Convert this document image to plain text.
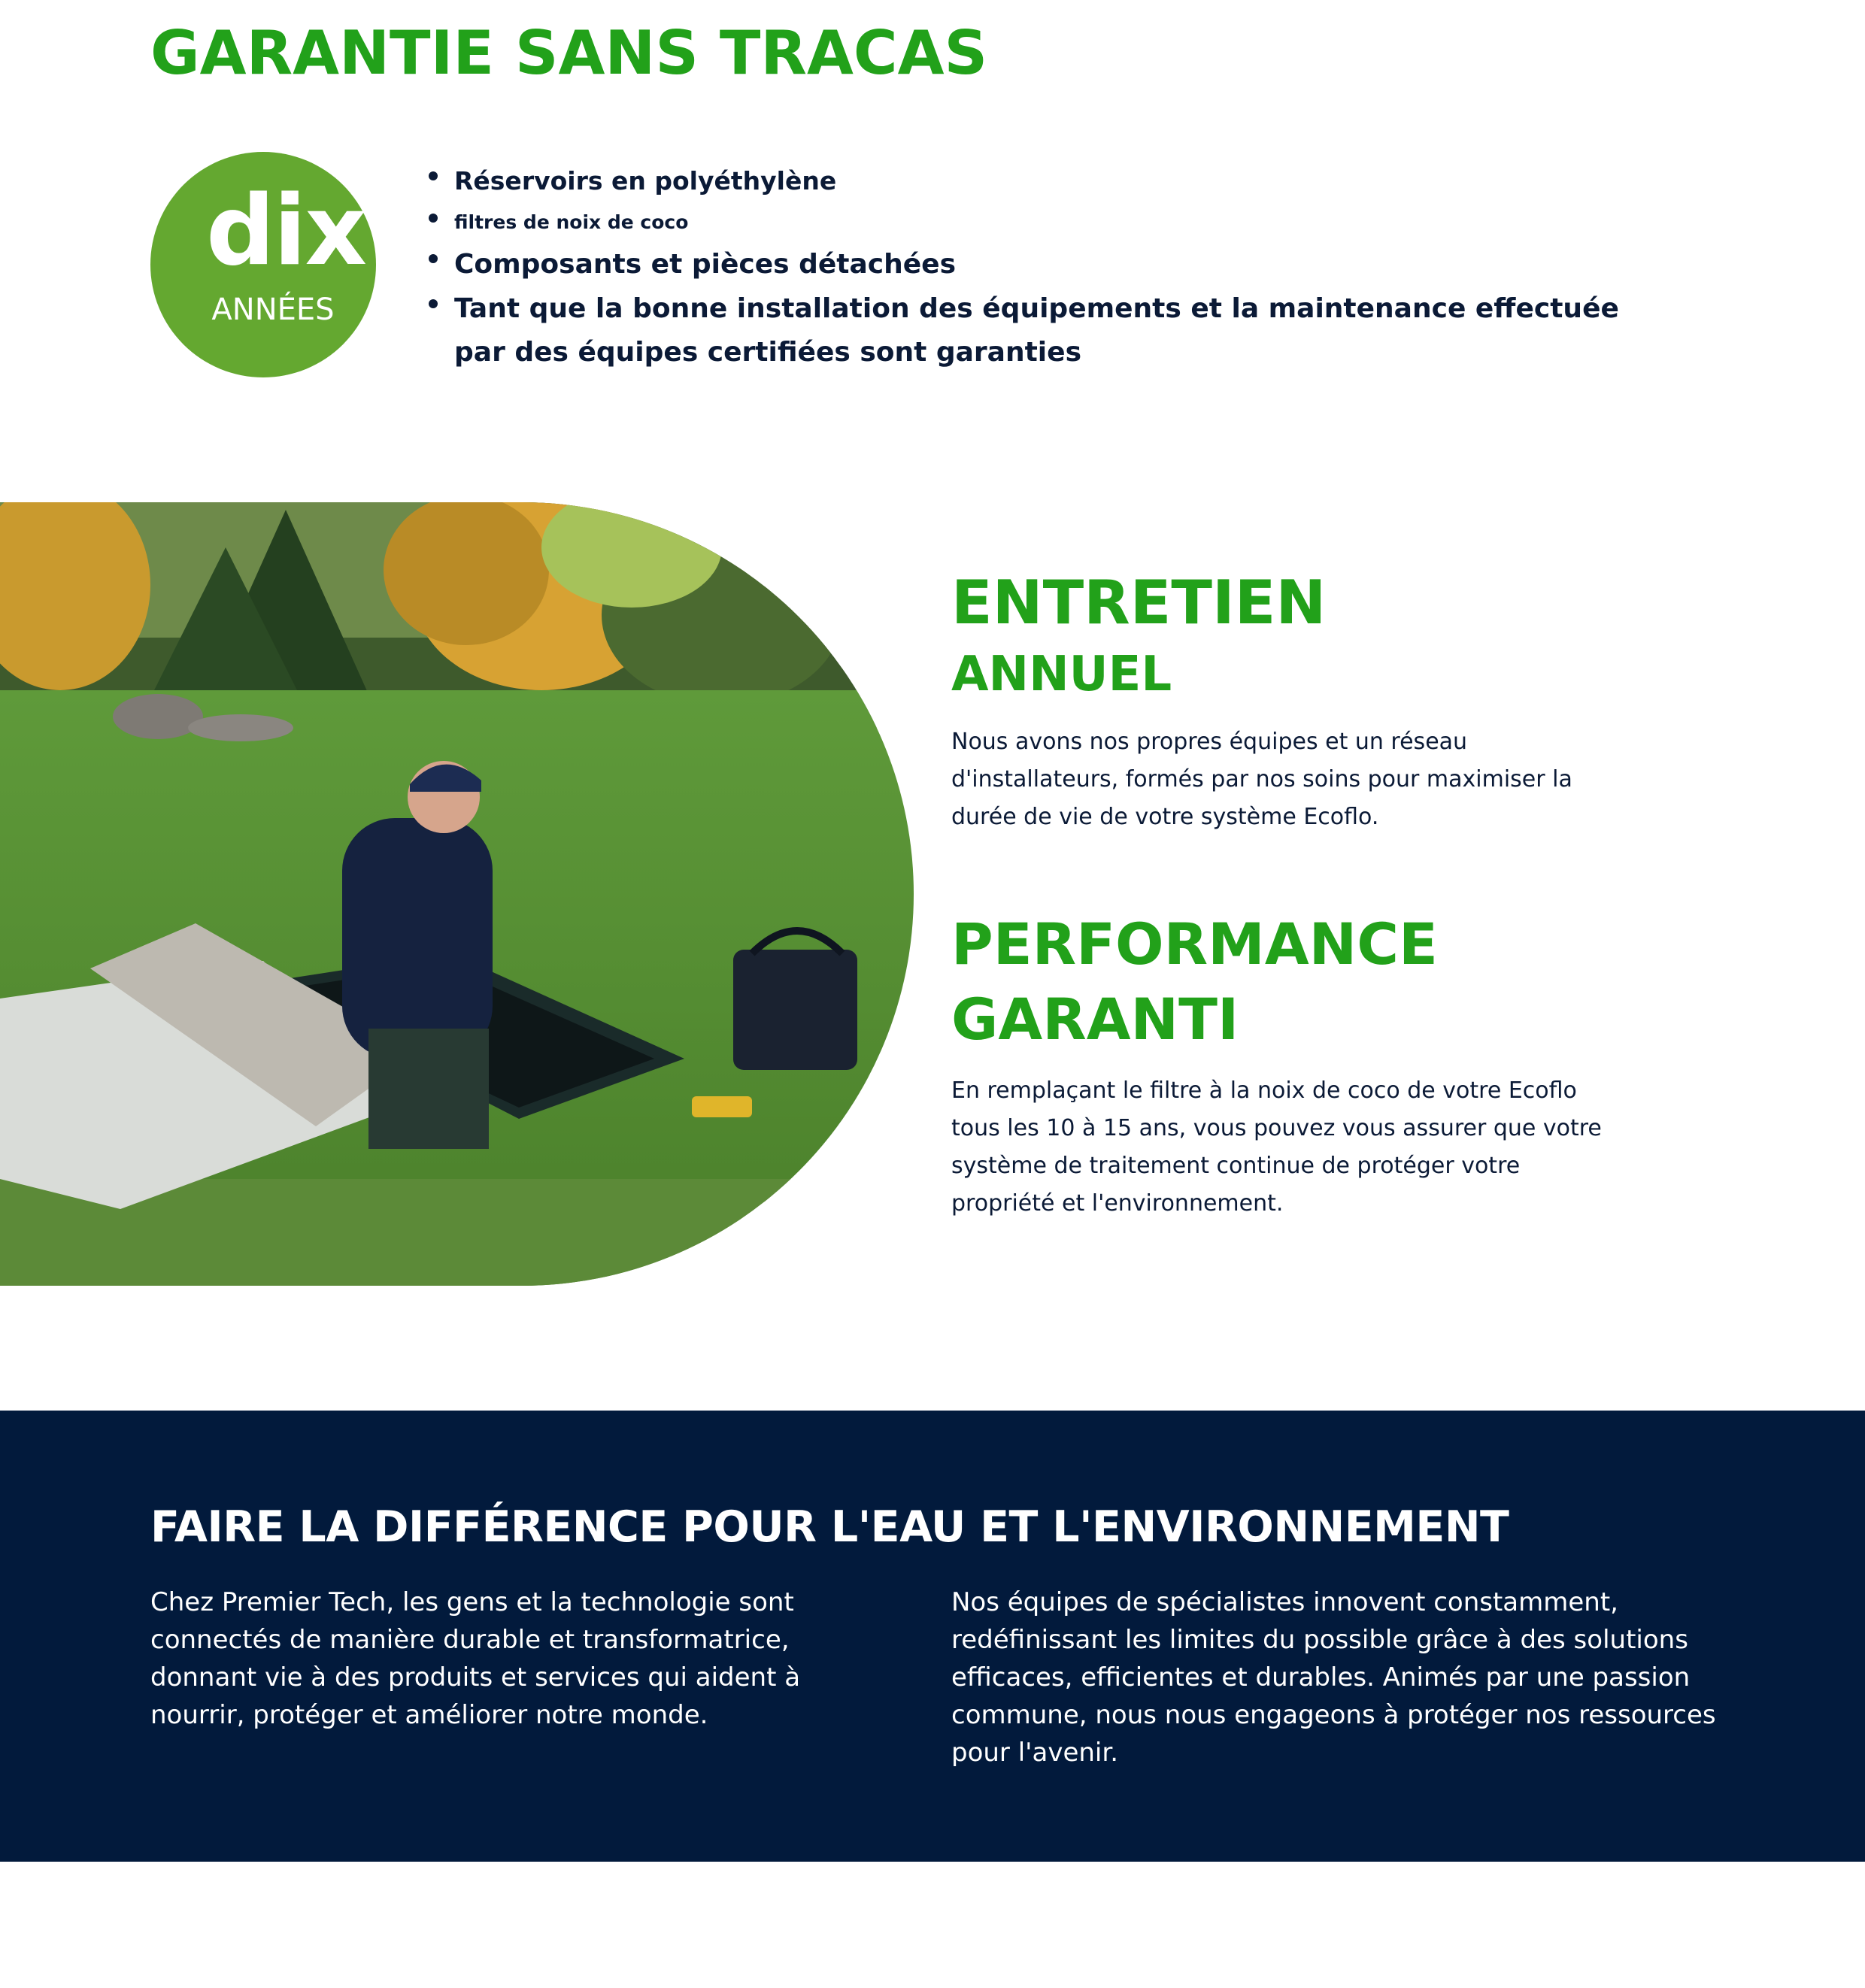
GARANTIE SANS TRACAS
dix
ANNÉES
Réservoirs en polyéthylène
filtres de noix de coco
Composants et pièces détachées
Tant que la bonne installation des équipements et la maintenance effectuée par des équipes certifiées sont garanties
ENTRETIEN
ANNUEL

Nous avons nos propres équipes et un réseau d'installateurs, formés par nos soins pour maximiser la durée de vie de votre système Ecoflo.

PERFORMANCE
GARANTI

En remplaçant le filtre à la noix de coco de votre Ecoflo tous les 10 à 15 ans, vous pouvez vous assurer que votre système de traitement continue de protéger votre propriété et l'environnement.

FAIRE LA DIFFÉRENCE POUR L'EAU ET L'ENVIRONNEMENT

Chez Premier Tech, les gens et la technologie sont connectés de manière durable et transformatrice, donnant vie à des produits et services qui aident à nourrir, protéger et améliorer notre monde.

Nos équipes de spécialistes innovent constamment, redéfinissant les limites du possible grâce à des solutions efficaces, efficientes et durables. Animés par une passion commune, nous nous engageons à protéger nos ressources pour l'avenir.
